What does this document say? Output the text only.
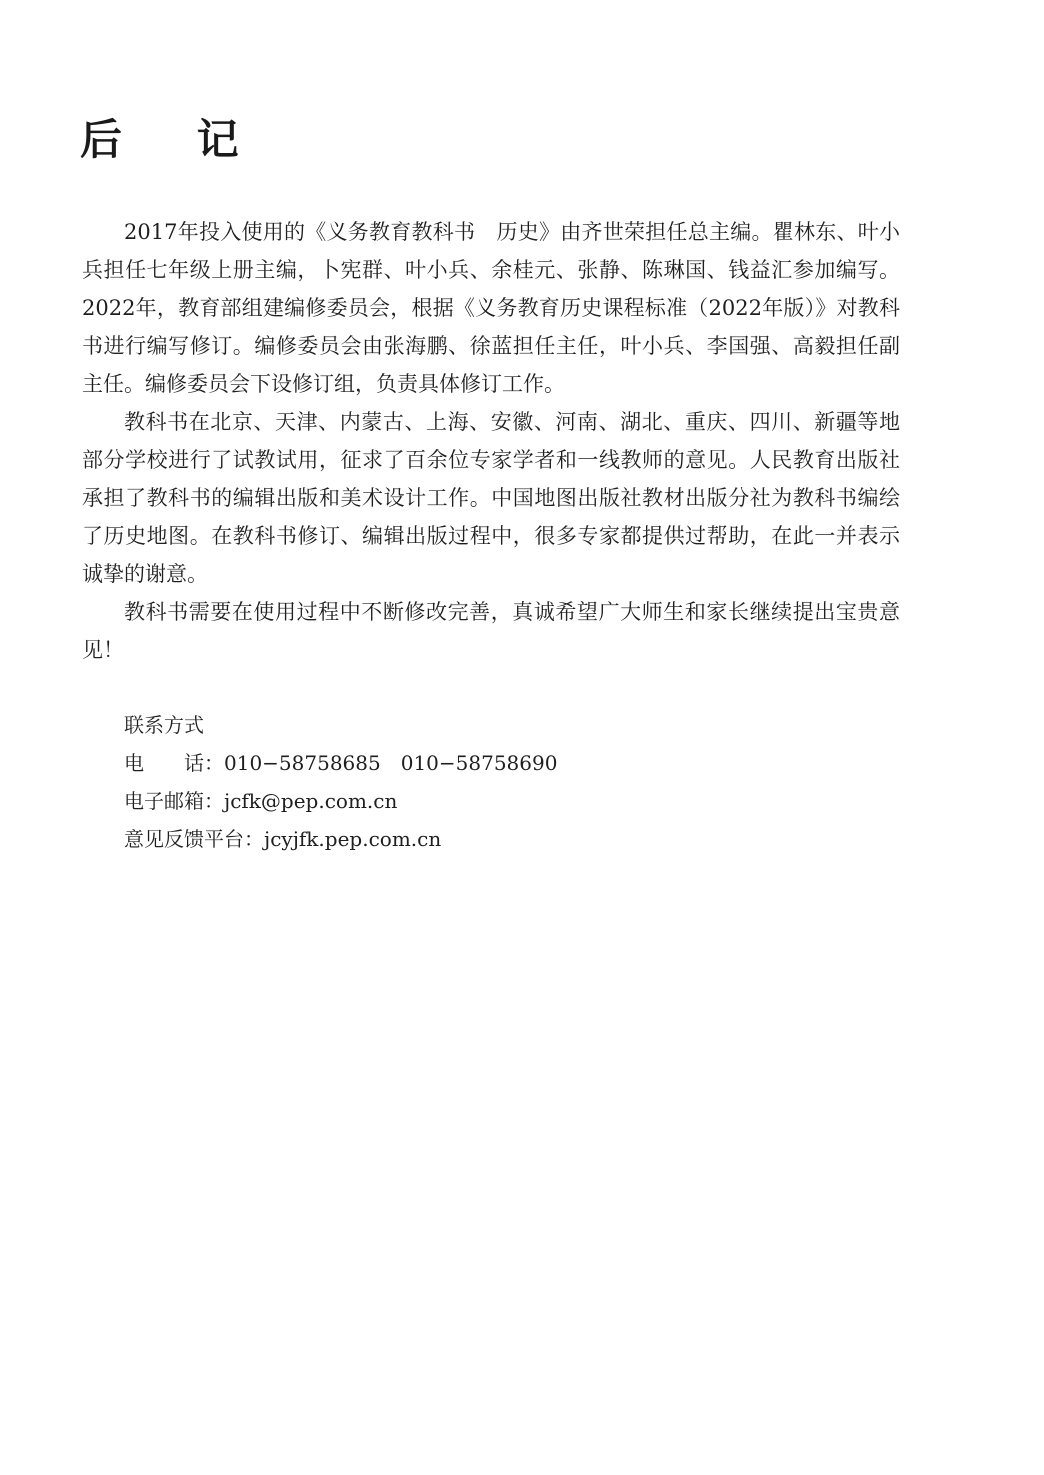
后 记

2017年投入使用的《义务教育教科书　历史》由齐世荣担任总主编。瞿林东、叶小兵担任七年级上册主编，卜宪群、叶小兵、余桂元、张静、陈琳国、钱益汇参加编写。2022年，教育部组建编修委员会，根据《义务教育历史课程标准（2022年版）》对教科书进行编写修订。编修委员会由张海鹏、徐蓝担任主任，叶小兵、李国强、高毅担任副主任。编修委员会下设修订组，负责具体修订工作。

教科书在北京、天津、内蒙古、上海、安徽、河南、湖北、重庆、四川、新疆等地部分学校进行了试教试用，征求了百余位专家学者和一线教师的意见。人民教育出版社承担了教科书的编辑出版和美术设计工作。中国地图出版社教材出版分社为教科书编绘了历史地图。在教科书修订、编辑出版过程中，很多专家都提供过帮助，在此一并表示诚挚的谢意。

教科书需要在使用过程中不断修改完善，真诚希望广大师生和家长继续提出宝贵意见！

联系方式
电　　话：010−58758685　010−58758690
电子邮箱：jcfk@pep.com.cn
意见反馈平台：jcyjfk.pep.com.cn
